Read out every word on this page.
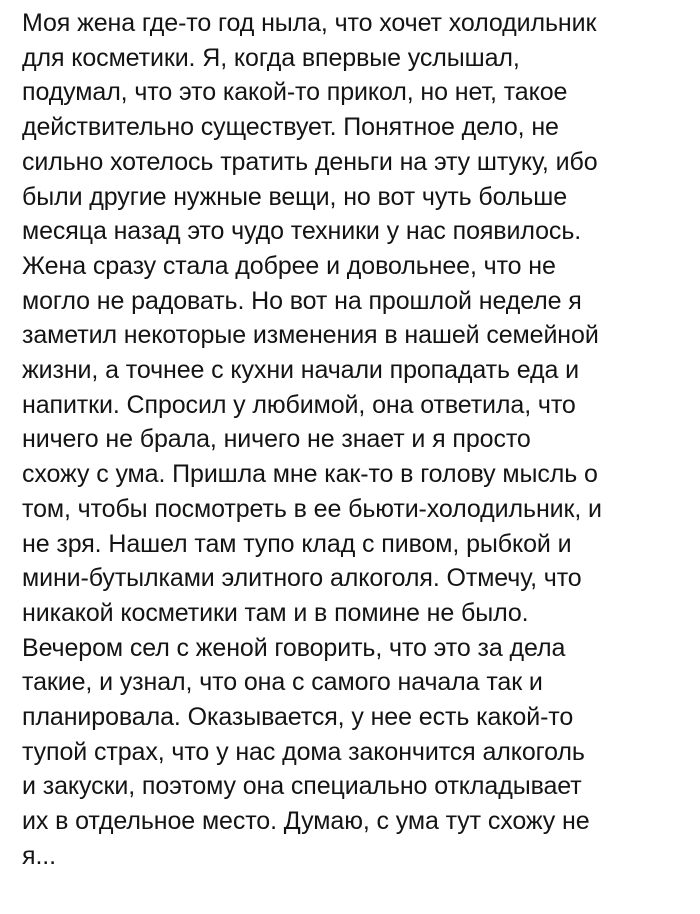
Моя жена где-то год ныла, что хочет холодильник
для косметики. Я, когда впервые услышал,
подумал, что это какой-то прикол, но нет, такое
действительно существует. Понятное дело, не
сильно хотелось тратить деньги на эту штуку, ибо
были другие нужные вещи, но вот чуть больше
месяца назад это чудо техники у нас появилось.
Жена сразу стала добрее и довольнее, что не
могло не радовать. Но вот на прошлой неделе я
заметил некоторые изменения в нашей семейной
жизни, а точнее с кухни начали пропадать еда и
напитки. Спросил у любимой, она ответила, что
ничего не брала, ничего не знает и я просто
схожу с ума. Пришла мне как-то в голову мысль о
том, чтобы посмотреть в ее бьюти-холодильник, и
не зря. Нашел там тупо клад с пивом, рыбкой и
мини-бутылками элитного алкоголя. Отмечу, что
никакой косметики там и в помине не было.
Вечером сел с женой говорить, что это за дела
такие, и узнал, что она с самого начала так и
планировала. Оказывается, у нее есть какой-то
тупой страх, что у нас дома закончится алкоголь
и закуски, поэтому она специально откладывает
их в отдельное место. Думаю, с ума тут схожу не
я...
